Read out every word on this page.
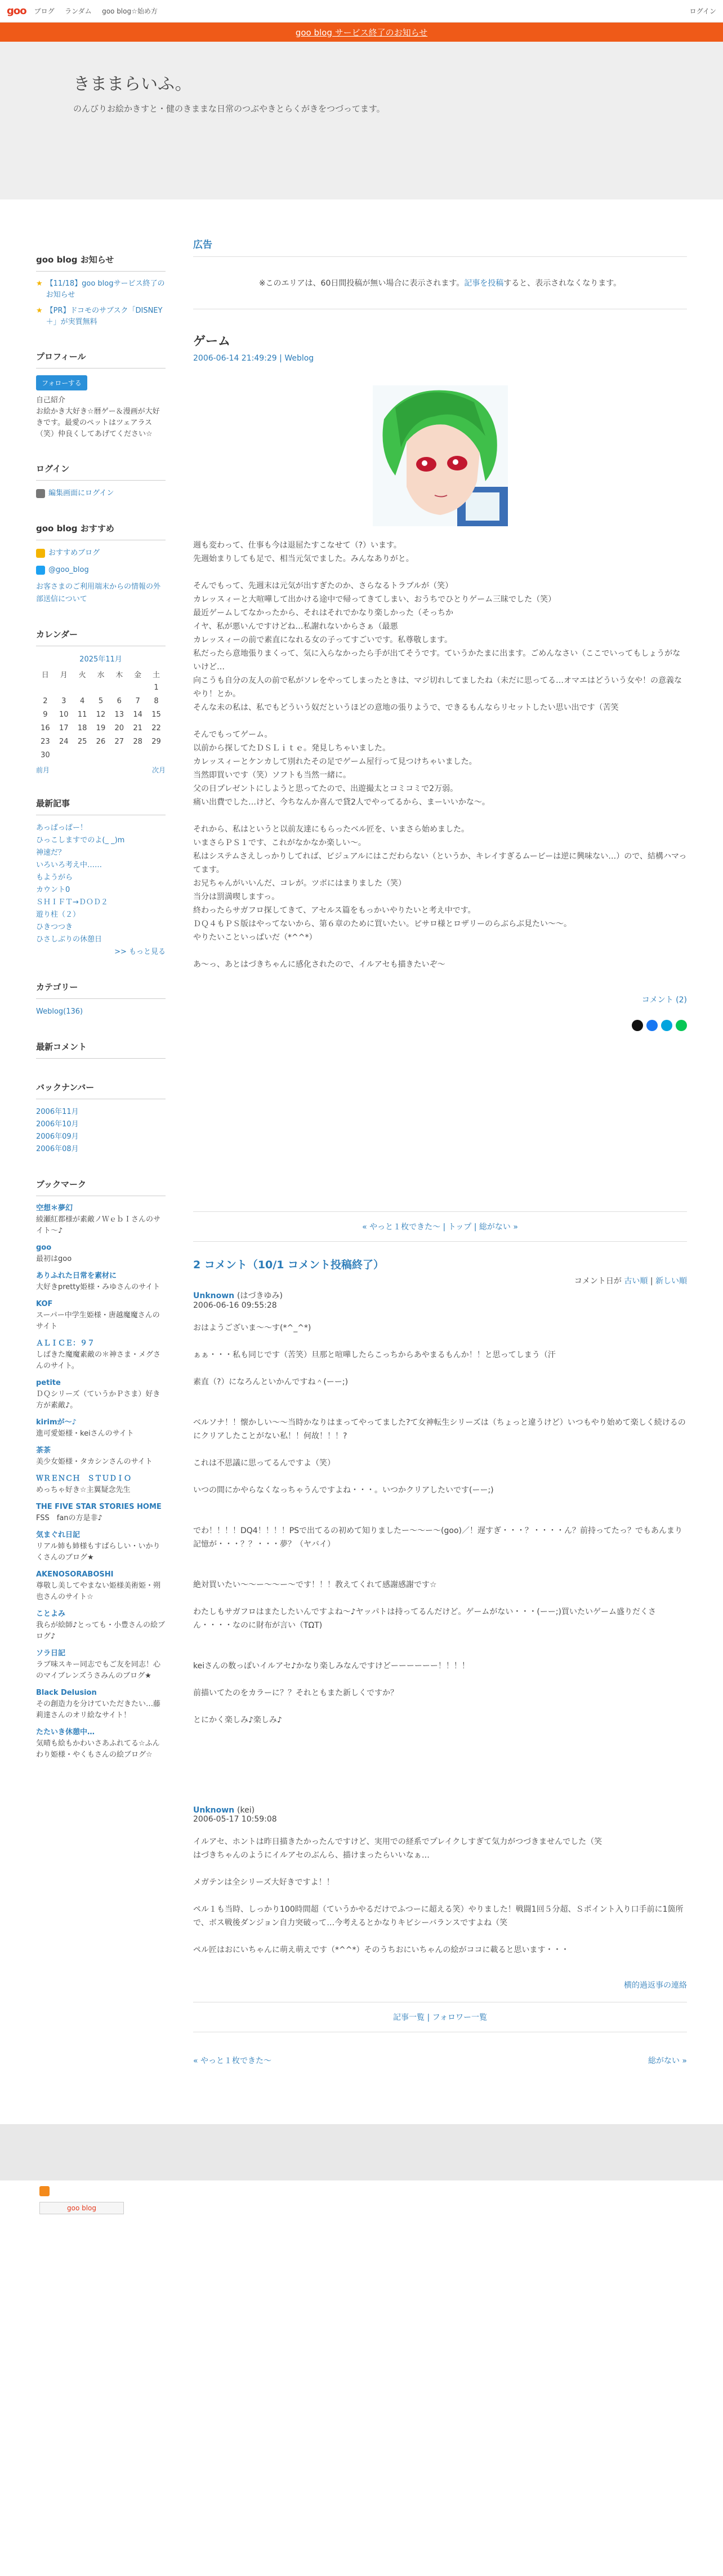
goo ブログ ランダム goo blog☆始め方	ログイン
goo blog サービス終了のお知らせ
きままらいふ。
のんびりお絵かきすと・健のきままな日常のつぶやきとらくがきをつづってます。
goo blog お知らせ
★ 【11/18】goo blogサービス終了のお知らせ
★ 【PR】ドコモのサブスク「DISNEY ＋」が実質無料
プロフィール
フォローする
自己紹介
お絵かき大好き☆暦ゲー＆漫画が大好きです。最愛のペットはツェアラス（笑）仲良くしてあげてください☆
ログイン
編集画面にログイン
goo blog おすすめ
おすすめブログ
@goo_blog
お客さまのご利用端末からの情報の外部送信について
カレンダー
2025年11月
日	月	火	水	木	金	土
						1
2	3	4	5	6	7	8
9	10	11	12	13	14	15
16	17	18	19	20	21	22
23	24	25	26	27	28	29
30						
前月	次月
最新記事
あっぱっぱー！
ひっこしますでのよ(_ _)m
神速だ？
いろいろ考え中……
もようがら
カウント0
ＳＨＩＦＴ→ＤＯＤ２
遊り柱（２）
ひきつつき
ひさしぶりの休憩日
>> もっと見る
カテゴリー
Weblog(136)
最新コメント
バックナンバー
2006年11月
2006年10月
2006年09月
2006年08月
ブックマーク
空想＊夢幻
綾瀬紅都様が素敵ノＷｅｂＩさんのサイト〜♪
goo
最初はgoo
ありふれた日常を素材に
大好きpretty姫様・みゆさんのサイト
KOF
スーパー中学生姫様・唐越魔魔さんのサイト
ＡＬＩＣＥ：９７
しばきた魔魔素敵の＊神さま・メグさんのサイト。
petite
ＤＱシリーズ（ていうかＰさま）好き方が素敵♪。
kirimが～♪
進可愛姫様・keiさんのサイト
茶茶
美少女姫様・タカシンさんのサイト
ＷＲＥＮＣＨ　ＳＴＵＤＩＯ
めっちゃ好き☆主翼疑念先生
THE FIVE STAR STORIES HOME
FSS　fanの方是非♪
気まぐれ日記
リアル姉も姉様もすばらしい・いかりくさんのブログ★
AKENOSORABOSHI
尊敬し美してやまない姫様美術姫・朔也さんのサイト☆
ことよみ
我らが絵師♪とっても・小豊さんの絵ブログ♪
ソラ日記
ラブ味スキー同志でもご友を同志！心のマイブレンズうさみんのブログ★
Black Delusion
その創造力を分けていただきたい…藤　莉達さんのオリ絵なサイト！
たたいき休憩中…
気晴も絵もかわいさあふれてる☆ふんわり姫様・やくもさんの絵ブログ☆
広告
※このエリアは、60日間投稿が無い場合に表示されます。記事を投稿すると、表示されなくなります。
ゲーム
2006-06-14 21:49:29 | Weblog

週も変わって、仕事も今は退屈たすこなせて（?）います。

先週始まりしても足で、相当元気でました。みんなありがと。

そんでもって、先週末は元気が出すぎたのか、さらなるトラブルが（笑）

カレッスィーと大喧嘩して出かける途中で帰ってきてしまい、おうちでひとりゲーム三昧でした（笑）

最近ゲームしてなかったから、それはそれでかなり楽しかった（そっちか

イヤ、私が悪いんですけどね…私謝れないからさぁ（最悪

カレッスィーの前で素直になれる女の子ってすごいです。私尊敬します。

私だったら意地張りまくって、気に入らなかったら手が出てそうです。ていうかたまに出ます。ごめんなさい（ここでいってもしょうがないけど…

向こうも自分の友人の前で私がソレをやってしまったときは、マジ切れしてましたね（未だに思ってる…オマエはどういう女や！の意義なやり！とか。

そんな未の私は、私でもどういう奴だというほどの意地の張りようで、できるもんならリセットしたい思い出です（苦笑

そんでもってゲーム。

以前から探してたＤＳＬｉｔｅ。発見しちゃいました。

カレッスィーとケンカして別れたその足でゲーム屋行って見つけちゃいました。

当然即買いです（笑）ソフトも当然一緒に。

父の日プレゼントにしようと思ってたので、出遊撮太とコミコミで2万弱。

痛い出費でした…けど、今ちなんか喜んで貸2人でやってるから、まーいいかな〜。

それから、私はというと以前友達にもらったベル匠を、いまさら始めました。

いまさらＰＳ１です、これがなかなか楽しい〜。

私はシステムさえしっかりしてれば、ビジュアルにはこだわらない（というか、キレイすぎるムービーは逆に興味ない…）ので、結構ハマってます。

お兄ちゃんがいいんだ、コレが。ツボにはまりました（笑）

当分は罰満喫しますっ。

終わったらサガフロ探してきて、アセルス篇をもっかいやりたいと考え中です。

ＤＱ４もＰＳ版はやってないから、第６章のために買いたい。ピサロ様とロザリーのらぶらぶ見たい〜〜。

やりたいこといっぱいだ（*^^*）

あ〜っ、あとはづきちゃんに感化されたので、イルアセも描きたいぞ〜

コメント (2)
« やっと１枚できた〜 | トップ | 総がない »
2 コメント（10/1 コメント投稿終了）
コメント日が 古い順 | 新しい順
Unknown (はづきゆみ)
2006-06-16 09:55:28

おはようございま〜〜す(*^_^*)

ぁぁ・・・私も同じです（苦笑）旦那と喧嘩したらこっちからあやまるもんか！！と思ってしまう（汗

素直（?）になろんといかんですね＾(ーー;)

ベルソナ！！懐かしい〜〜当時かなりはまってやってました?て女神転生シリーズは（ちょっと違うけど）いつもやり始めて楽しく続けるのにクリアしたことがない私！！何故！！！?

これは不思議に思ってるんですよ（笑）

いつの間にかやらなくなっちゃうんですよね・・・。いつかクリアしたいです(ーー;)

でわ！！！！DQ4！！！！PSで出てるの初めて知りましたー〜〜ー〜(goo)／！遅すぎ・・・？・・・・ん？前持ってたっ？でもあんまり記憶が・・・？？・・・夢？（ヤバイ）

絶対買いたい〜〜ー〜〜ー〜です！！！教えてくれて感謝感謝です☆

わたしもサガフロはまたしたいんですよね〜♪ヤッパトは持ってるんだけど。ゲームがない・・・(ーー;)買いたいゲーム盛りだくさん・・・・なのに財布が言い（TΩT)

keiさんの数っぽいイルアセ♪かなり楽しみなんですけどーーーーーー！！！！

前描いてたのをカラーに？？それともまた新しくですか？

とにかく楽しみ♪楽しみ♪

Unknown (kei)
2006-05-17 10:59:08

イルアセ、ホントは昨日描きたかったんですけど、実用での経系でプレイクしすぎて気力がつづきませんでした（笑

はづきちゃんのようにイルアセのぶんら、描けまったらいいなぁ…

メガテンは全シリーズ大好きですよ！！

ペル１も当時、しっかり100時間超（ていうかやるだけでふつーに超える笑）やりました！戦闘1回５分超、Ｓポイント入り口手前に1箇所で、ボス戦後ダンジョン自力突破って…今考えるとかなりキビシーバランスですよね（笑

ペル匠はおにいちゃんに萌え萌えです（*^^*）そのうちおにいちゃんの絵がココに載ると思います・・・

横的過返事の連絡
記事一覧 | フォロワー一覧
« やっと１枚できた〜	総がない »
goo blog
